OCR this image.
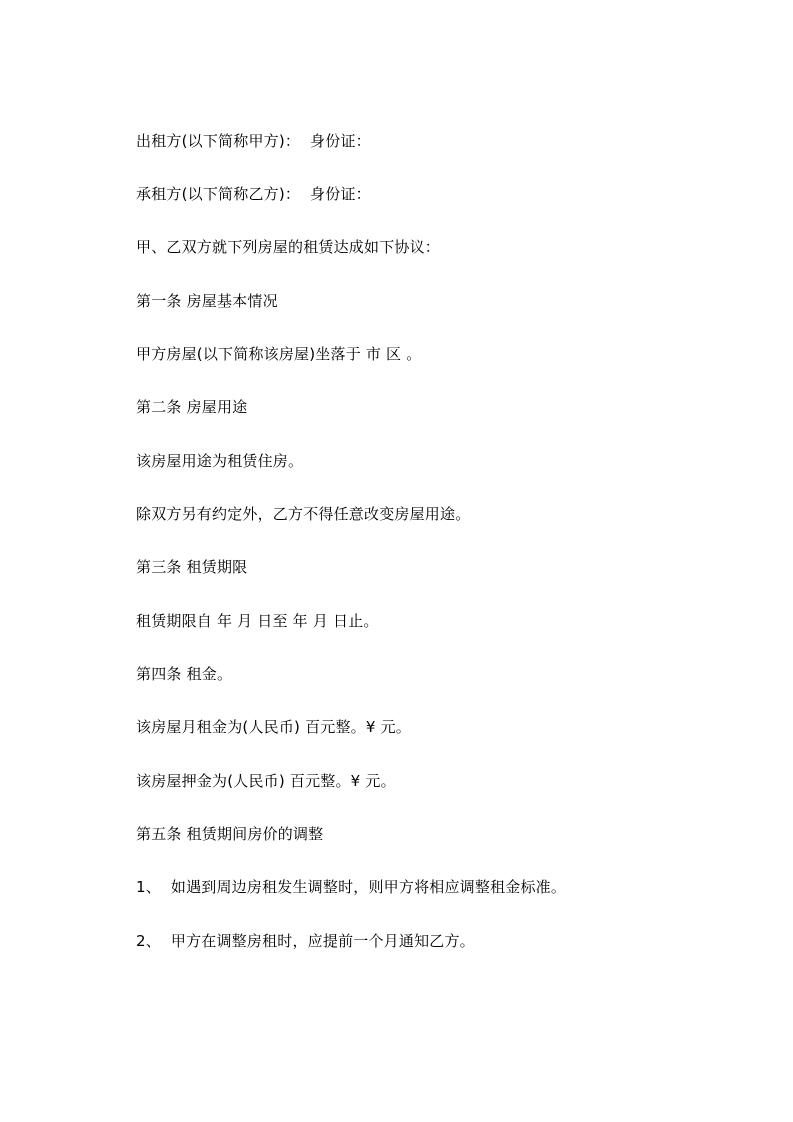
出租方(以下简称甲方)：  身份证：
承租方(以下简称乙方)：  身份证：
甲、乙双方就下列房屋的租赁达成如下协议：
第一条 房屋基本情况
甲方房屋(以下简称该房屋)坐落于 市 区 。
第二条 房屋用途
该房屋用途为租赁住房。
除双方另有约定外，乙方不得任意改变房屋用途。
第三条 租赁期限
租赁期限自 年 月 日至 年 月 日止。
第四条 租金。
该房屋月租金为(人民币) 百元整。¥ 元。
该房屋押金为(人民币) 百元整。¥ 元。
第五条 租赁期间房价的调整
1、  如遇到周边房租发生调整时，则甲方将相应调整租金标准。
2、  甲方在调整房租时，应提前一个月通知乙方。
